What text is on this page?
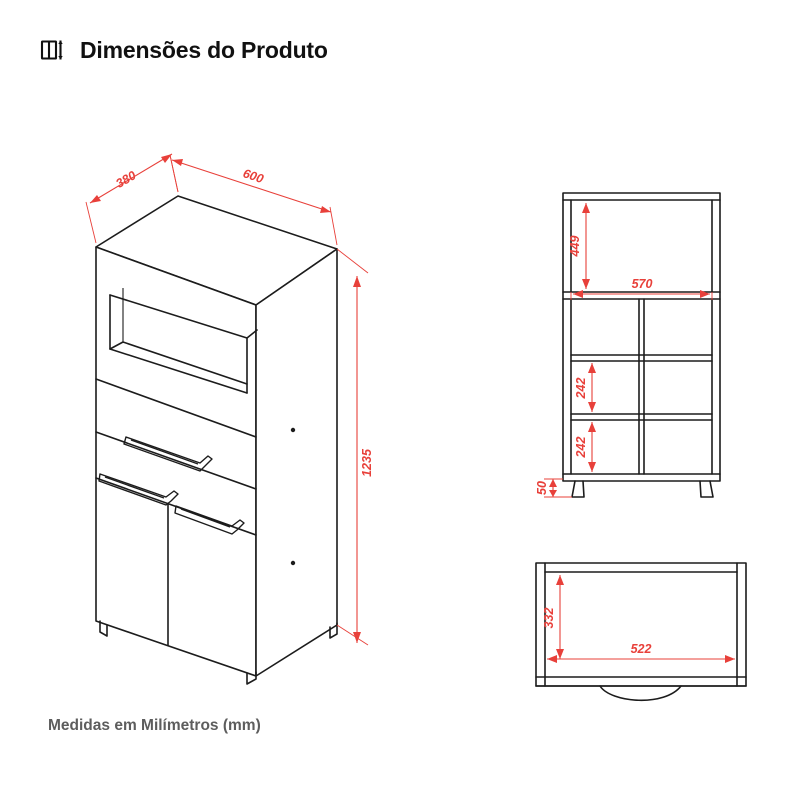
Dimensões do Produto
380	600
1235
449
570
242
242
50
332
522
Medidas em Milímetros (mm)
